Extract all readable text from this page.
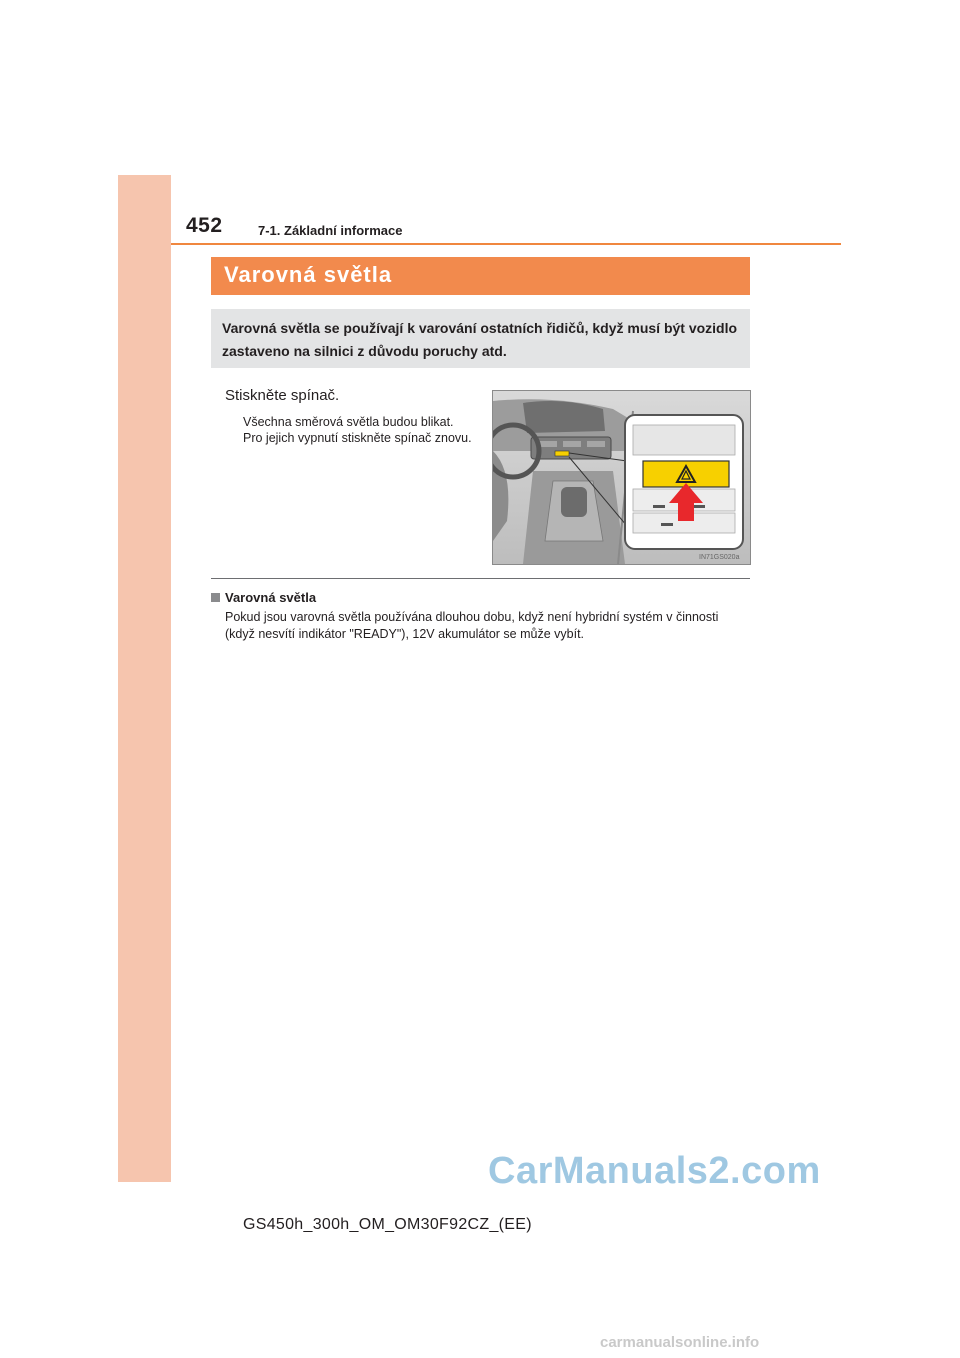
452	7-1. Základní informace
Varovná světla
Varovná světla se používají k varování ostatních řidičů, když musí být vozidlo zastaveno na silnici z důvodu poruchy atd.
Stiskněte spínač.
Všechna směrová světla budou blikat.
Pro jejich vypnutí stiskněte spínač znovu.
IN71GS020a
Varovná světla
Pokud jsou varovná světla používána dlouhou dobu, když není hybridní systém v činnosti (když nesvítí indikátor "READY"), 12V akumulátor se může vybít.
CarManuals2.com
GS450h_300h_OM_OM30F92CZ_(EE)
carmanualsonline.info
